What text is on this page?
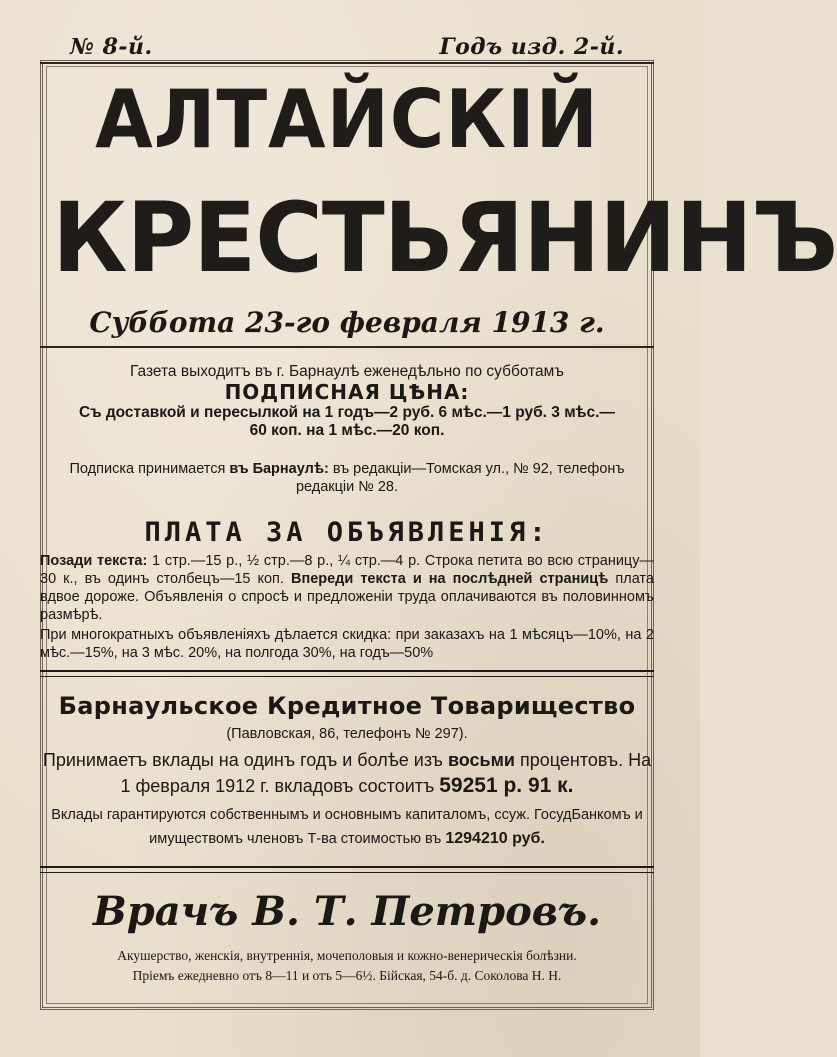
№ 8-й.	Годъ изд. 2-й.
АЛТАЙСКIЙ
КРЕСТЬЯНИНЪ
Суббота 23-го февраля 1913 г.
Газета выходитъ въ г. Барнаулѣ еженедѣльно по субботамъ
ПОДПИСНАЯ ЦѢНА:
Съ доставкой и пересылкой на 1 годъ—2 руб. 6 мѣс.—1 руб. 3 мѣс.—
60 коп. на 1 мѣс.—20 коп.
Подписка принимается въ Барнаулѣ: въ редакцiи—Томская ул., № 92, телефонъ редакцiи № 28.
ПЛАТА ЗА ОБЪЯВЛЕНIЯ:
Позади текста: 1 стр.—15 р., ½ стр.—8 р., ¼ стр.—4 р. Строка петита во всю страницу—30 к., въ одинъ столбецъ—15 коп. Впереди текста и на послѣдней страницѣ плата вдвое дороже. Объявленiя о спросѣ и предложенiи труда оплачиваются въ половинномъ размѣрѣ.
При многократныхъ объявленiяхъ дѣлается скидка: при заказахъ на 1 мѣсяцъ—10%, на 2 мѣс.—15%, на 3 мѣс. 20%, на полгода 30%, на годъ—50%
Барнаульское Кредитное Товарищество
(Павловская, 86, телефонъ № 297).
Принимаетъ вклады на одинъ годъ и болѣе изъ восьми процентовъ. На 1 февраля 1912 г. вкладовъ состоитъ 59251 р. 91 к.
Вклады гарантируются собственнымъ и основнымъ капиталомъ, ссуж. ГосудБанкомъ и имуществомъ членовъ Т-ва стоимостью въ 1294210 руб.
Врачъ В. Т. Петровъ.
Акушерство, женскiя, внутреннiя, мочеполовыя и кожно-венерическiя болѣзни.
Прiемъ ежедневно отъ 8—11 и отъ 5—6½. Бiйская, 54-б. д. Соколова Н. Н.
